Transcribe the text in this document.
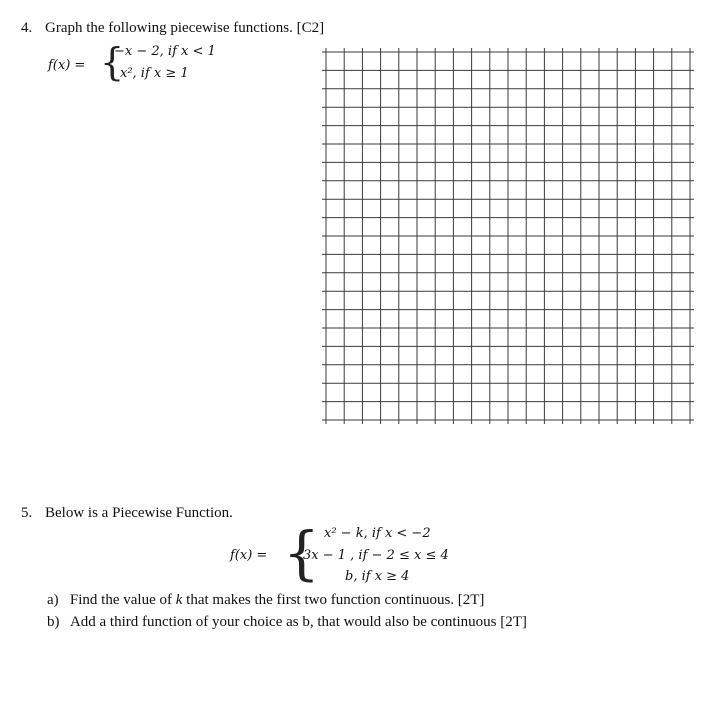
4. Graph the following piecewise functions. [C2]
f(x) = {
−x − 2, if x < 1
x², if x ≥ 1
5. Below is a Piecewise Function.
f(x) = { x² − k, if x < −2
3x − 1 , if − 2 ≤ x ≤ 4
b, if x ≥ 4
a) Find the value of k that makes the first two function continuous. [2T]
b) Add a third function of your choice as b, that would also be continuous [2T]
